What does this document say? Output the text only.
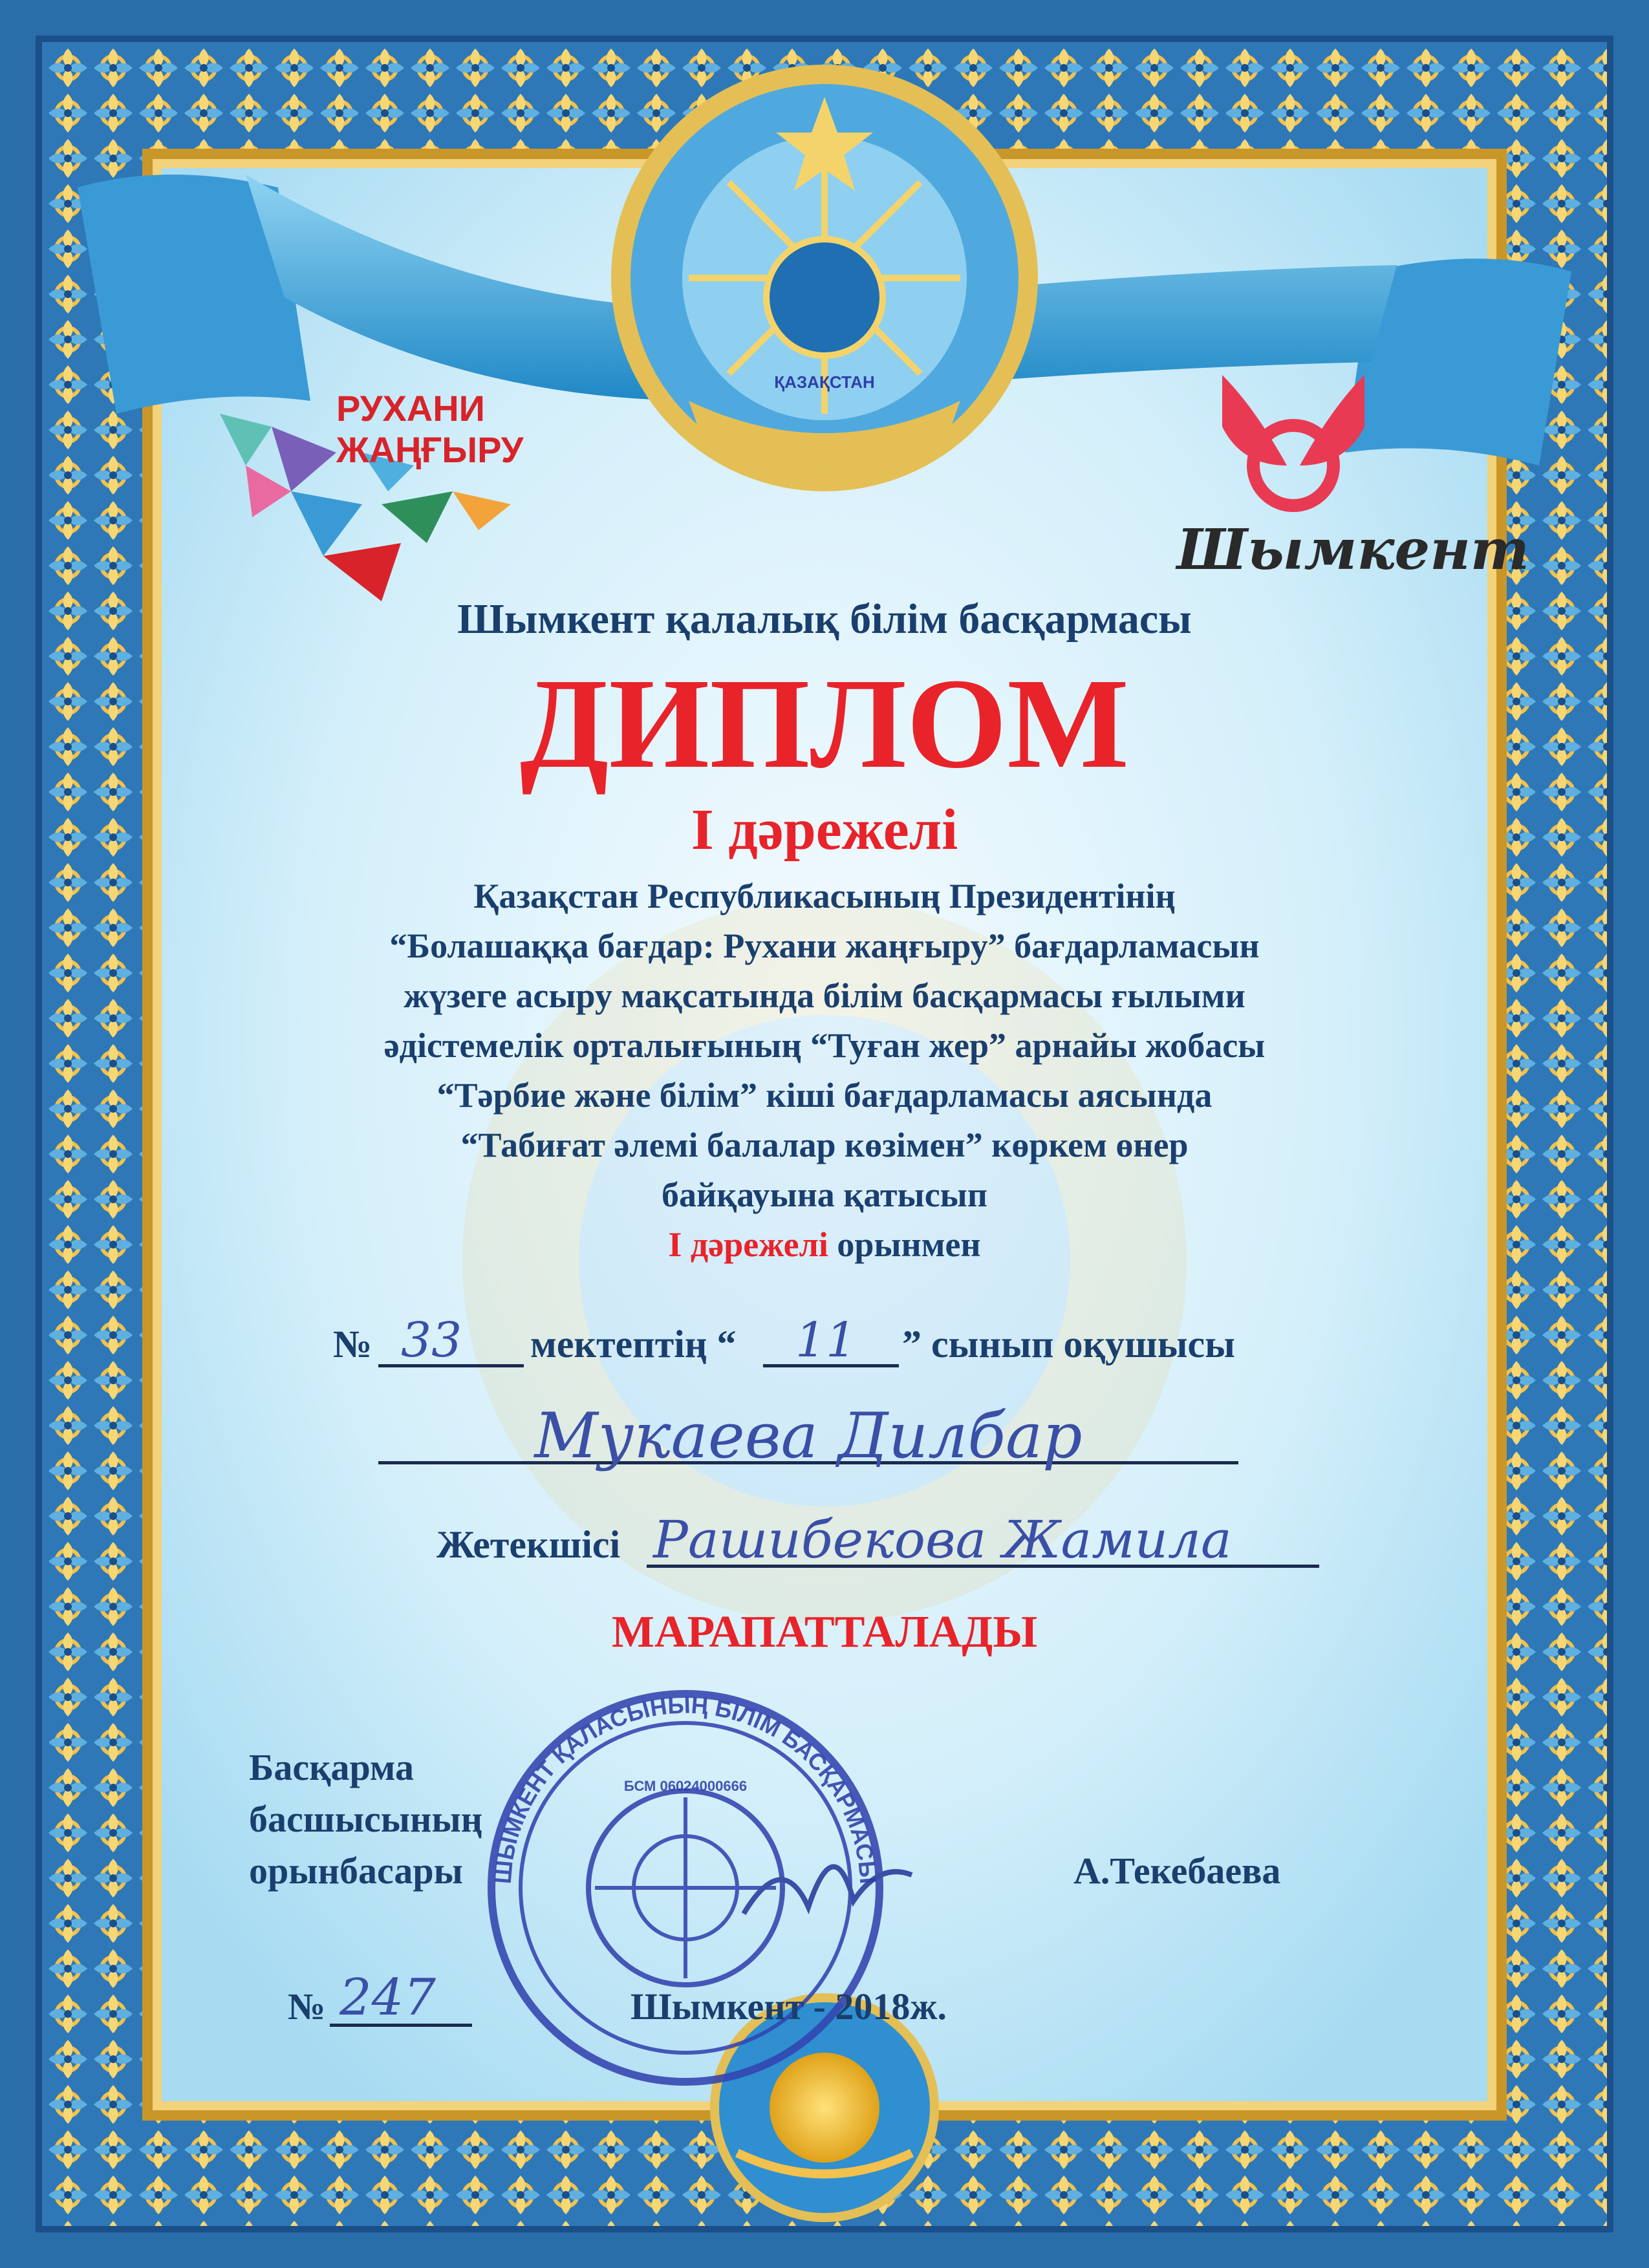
ШЫМКЕНТ ҚАЛАСЫНЫҢ БІЛІМ БАСҚАРМАСЫ
БСМ 06024000666
ҚАЗАҚСТАН
РУХАНИ
ЖАҢҒЫРУ
Шымкент
Шымкент қалалық білім басқармасы
ДИПЛОМ
I дәрежелі
Қазақстан Республикасының Президентінің
“Болашаққа бағдар: Рухани жаңғыру” бағдарламасын
жүзеге асыру мақсатында білім басқармасы ғылыми
әдістемелік орталығының “Туған жер” арнайы жобасы
“Тәрбие және білім” кіші бағдарламасы аясында
“Табиғат әлемі балалар көзімен” көркем өнер
байқауына қатысып
I дәрежелі орынмен
№ 33 мектептің “ 11 ” сынып оқушысы
Мукаева Дилбар
Жетекшісі Рашибекова Жамила
МАРАПАТТАЛАДЫ
Басқарма
басшысының
орынбасары	А.Текебаева
№ 247	Шымкент - 2018ж.
